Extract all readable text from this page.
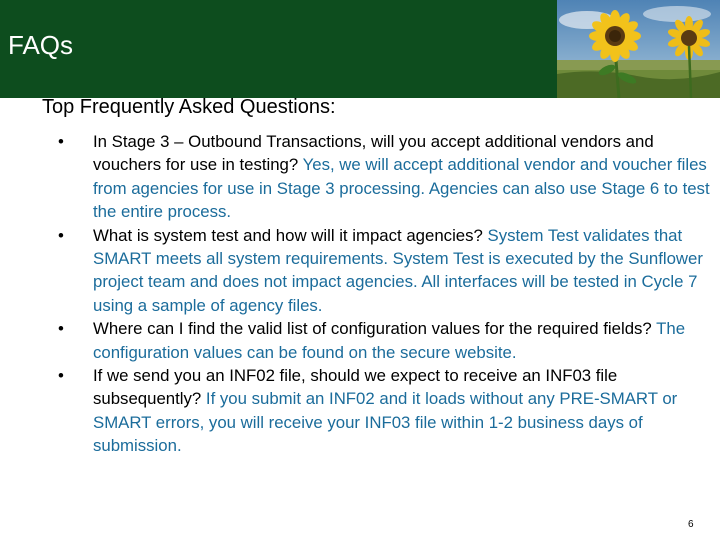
FAQs
Top Frequently Asked Questions:
• In Stage 3 – Outbound Transactions, will you accept additional vendors and vouchers for use in testing? Yes, we will accept additional vendor and voucher files from agencies for use in Stage 3 processing. Agencies can also use Stage 6 to test the entire process.
• What is system test and how will it impact agencies? System Test validates that SMART meets all system requirements. System Test is executed by the Sunflower project team and does not impact agencies. All interfaces will be tested in Cycle 7 using a sample of agency files.
• Where can I find the valid list of configuration values for the required fields? The configuration values can be found on the secure website.
• If we send you an INF02 file, should we expect to receive an INF03 file subsequently? If you submit an INF02 and it loads without any PRE-SMART or SMART errors, you will receive your INF03 file within 1-2 business days of submission.
6
